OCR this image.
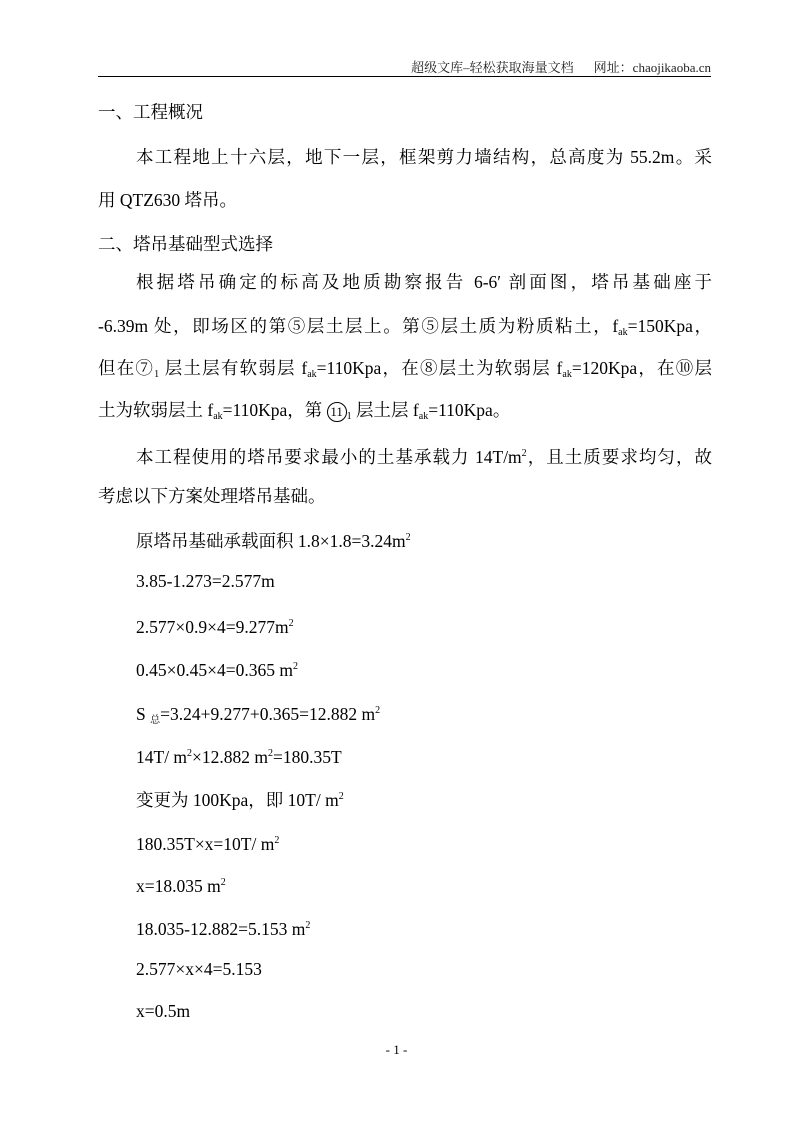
超级文库–轻松获取海量文档 网址：chaojikaoba.cn
一、工程概况
本工程地上十六层，地下一层，框架剪力墙结构，总高度为 55.2m。采
用 QTZ630 塔吊。
二、塔吊基础型式选择
根据塔吊确定的标高及地质勘察报告 6-6′ 剖面图，塔吊基础座于
-6.39m 处，即场区的第⑤层土层上。第⑤层土质为粉质粘土，$f_{ak}=150Kpa$，
但在$⑦_1$ 层土层有软弱层 $f_{ak}=110Kpa$，在⑧层土为软弱层 $f_{ak}=120Kpa$，在⑩层
土为软弱层土 $f_{ak}=110Kpa$，第 11 $_1$ 层土层 $f_{ak}=110Kpa$。
本工程使用的塔吊要求最小的土基承载力 $14T/m^2$，且土质要求均匀，故
考虑以下方案处理塔吊基础。
原塔吊基础承载面积 $1.8\times 1.8=3.24m^2$
3.85-1.273=2.577m
$2.577\times 0.9\times 4=9.277m^2$
0.45×0.45×4=0.365 $m^2$
S $_总$=3.24+9.277+0.365=12.882 $m^2$
14T/ $m^2\times 12.882$ $m^2=180.35T$
变更为 100Kpa，即 10T/ $m^2$
180.35T×x=10T/ $m^2$
x=18.035 $m^2$
18.035-12.882=5.153 $m^2$
2.577×x×4=5.153
x=0.5m
- 1 -
